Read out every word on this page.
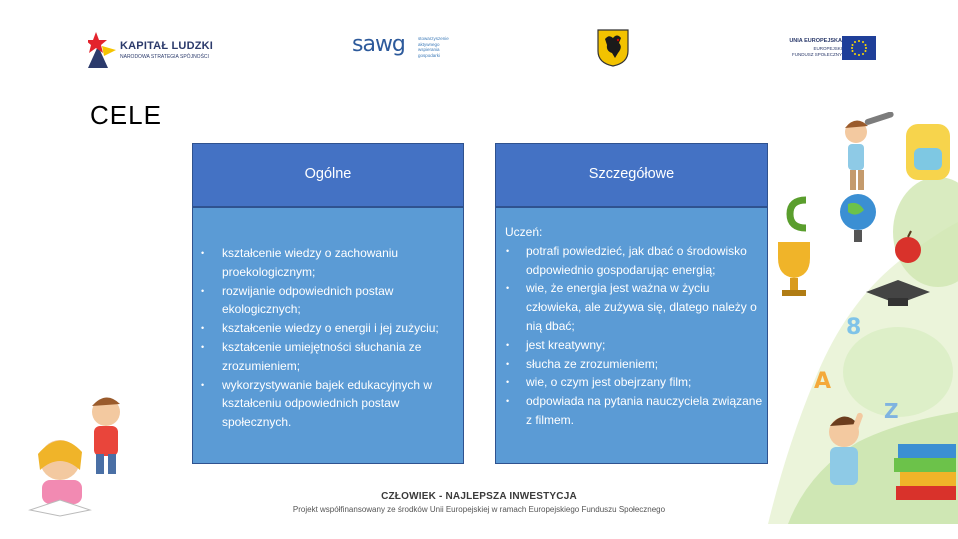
KAPITAŁ LUDZKI
NARODOWA STRATEGIA SPÓJNOŚCI	sawg	stowarzyszenie
aktywnego
wspierania
gospodarki
UNIA EUROPEJSKA
EUROPEJSKI
FUNDUSZ SPOŁECZNY
CELE
8
A
Z
Ogólne
• kształcenie wiedzy o zachowaniu proekologicznym;
• rozwijanie odpowiednich postaw ekologicznych;
• kształcenie wiedzy o energii i jej zużyciu;
• kształcenie umiejętności słuchania ze zrozumieniem;
• wykorzystywanie bajek edukacyjnych w kształceniu odpowiednich postaw społecznych.
Szczegółowe
Uczeń:
• potrafi powiedzieć, jak dbać o środowisko odpowiednio gospodarując energią;
• wie, że energia jest ważna w życiu człowieka, ale zużywa się, dlatego należy o nią dbać;
• jest kreatywny;
• słucha ze zrozumieniem;
• wie, o czym jest obejrzany film;
• odpowiada na pytania nauczyciela związane z filmem.
CZŁOWIEK - NAJLEPSZA INWESTYCJA
Projekt współfinansowany ze środków Unii Europejskiej w ramach Europejskiego Funduszu Społecznego
